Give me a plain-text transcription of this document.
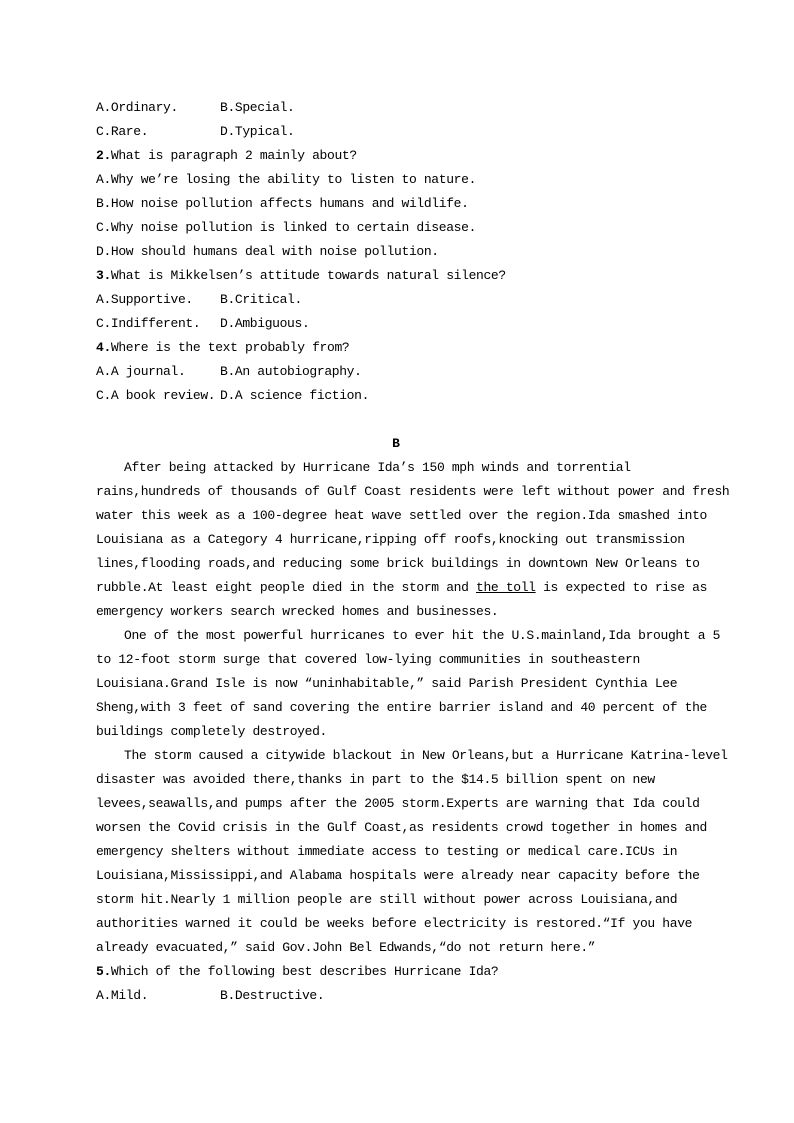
A.Ordinary.	B.Special.
C.Rare.	D.Typical.
2.What is paragraph 2 mainly about?
A.Why we’re losing the ability to listen to nature.
B.How noise pollution affects humans and wildlife.
C.Why noise pollution is linked to certain disease.
D.How should humans deal with noise pollution.
3.What is Mikkelsen’s attitude towards natural silence?
A.Supportive.	B.Critical.
C.Indifferent.	D.Ambiguous.
4.Where is the text probably from?
A.A journal.	B.An autobiography.
C.A book review. D.A science fiction.
B
After being attacked by Hurricane Ida’s 150 mph winds and torrential
rains,hundreds of thousands of Gulf Coast residents were left without power and fresh
water this week as a 100-degree heat wave settled over the region.Ida smashed into
Louisiana as a Category 4 hurricane,ripping off roofs,knocking out transmission
lines,flooding roads,and reducing some brick buildings in downtown New Orleans to
rubble.At least eight people died in the storm and the toll is expected to rise as
emergency workers search wrecked homes and businesses.
One of the most powerful hurricanes to ever hit the U.S.mainland,Ida brought a 5
to 12-foot storm surge that covered low-lying communities in southeastern
Louisiana.Grand Isle is now “uninhabitable,” said Parish President Cynthia Lee
Sheng,with 3 feet of sand covering the entire barrier island and 40 percent of the
buildings completely destroyed.
The storm caused a citywide blackout in New Orleans,but a Hurricane Katrina-level
disaster was avoided there,thanks in part to the $14.5 billion spent on new
levees,seawalls,and pumps after the 2005 storm.Experts are warning that Ida could
worsen the Covid crisis in the Gulf Coast,as residents crowd together in homes and
emergency shelters without immediate access to testing or medical care.ICUs in
Louisiana,Mississippi,and Alabama hospitals were already near capacity before the
storm hit.Nearly 1 million people are still without power across Louisiana,and
authorities warned it could be weeks before electricity is restored.“If you have
already evacuated,” said Gov.John Bel Edwands,“do not return here.”
5.Which of the following best describes Hurricane Ida?
A.Mild.	B.Destructive.
